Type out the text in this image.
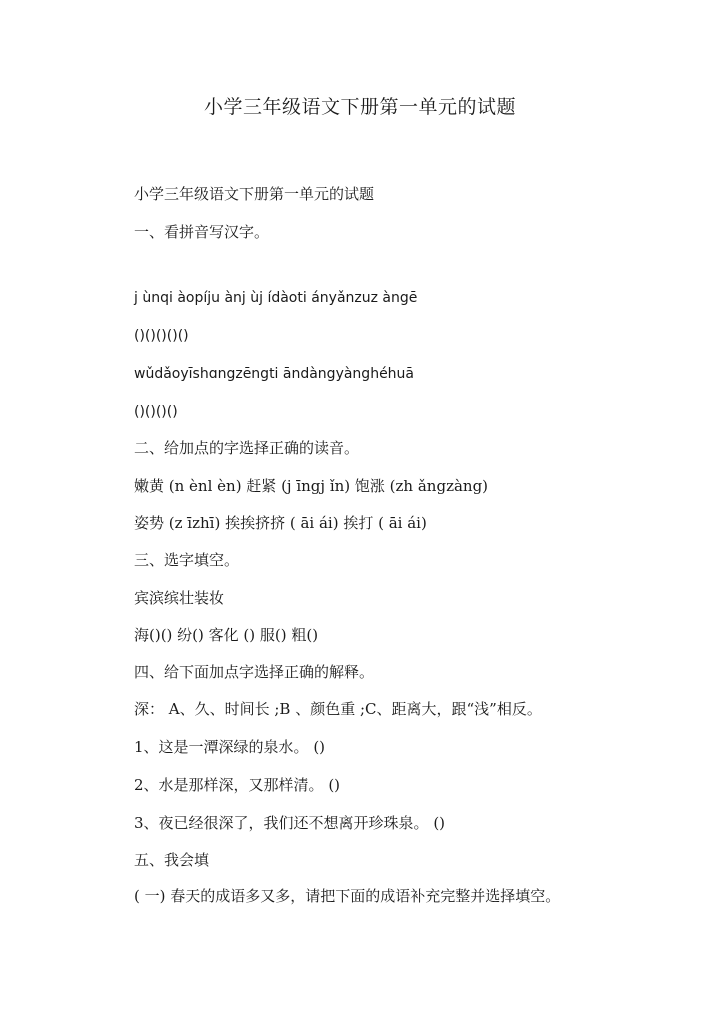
小学三年级语文下册第一单元的试题
小学三年级语文下册第一单元的试题
一、看拼音写汉字。
j ùnqi àopíju ànj ùj ídàoti ányǎnzuz àngē
()()()()()
wǔdǎoyīshɑngzēngti āndàngyànghéhuā
()()()()
二、给加点的字选择正确的读音。
嫩黄 (n ènl èn) 赶紧 (j īngj ǐn) 饱涨 (zh ǎngzàng)
姿势 (z īzhī) 挨挨挤挤 ( āi ái) 挨打 ( āi ái)
三、选字填空。
宾滨缤壮装妆
海()() 纷() 客化 () 服() 粗()
四、给下面加点字选择正确的解释。
深： A、久、时间长 ;B 、颜色重 ;C、距离大，跟“浅”相反。
1、这是一潭深绿的泉水。 ()
2、水是那样深，又那样清。 ()
3、夜已经很深了，我们还不想离开珍珠泉。 ()
五、我会填
( 一) 春天的成语多又多，请把下面的成语补充完整并选择填空。
